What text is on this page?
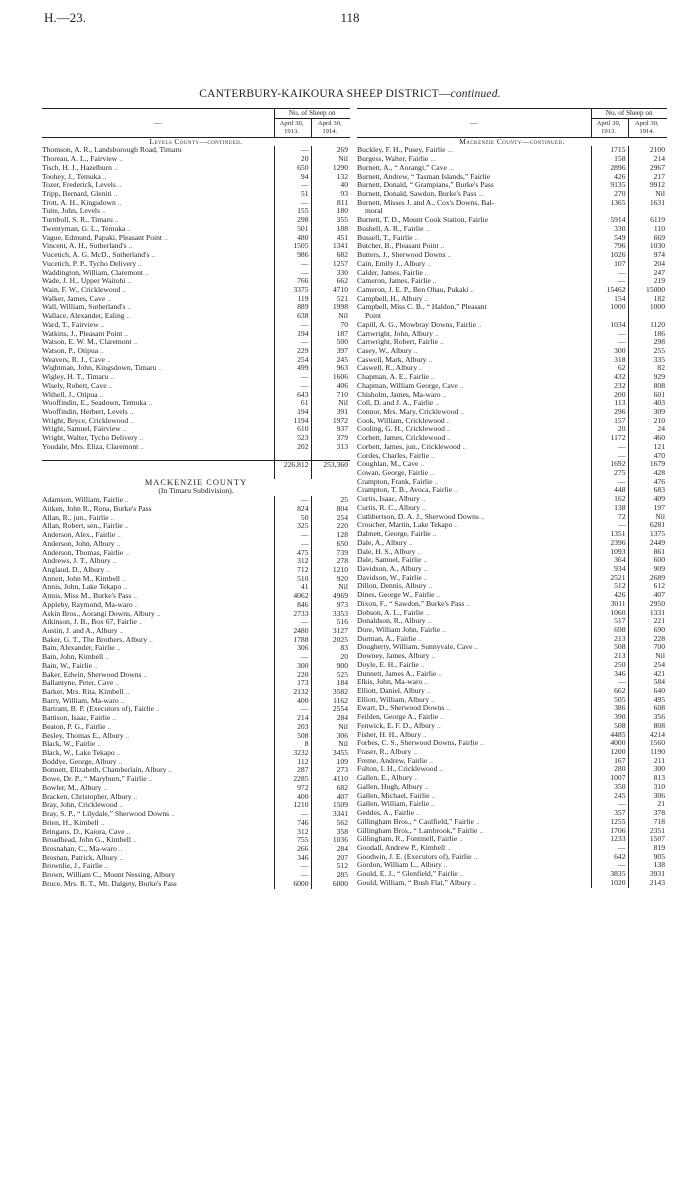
H.—23.	118
CANTERBURY-KAIKOURA SHEEP DISTRICT—continued.
—	No. of Sheep on	
	April 30, 1913.	April 30, 1914.
Levels County—continued.		
Thomson, A. R., Landsborough Road, Timaru	—	269
Thoreau, A. L., Fairview ..	20	Nil
Tisch, H. J., Hazelburn ..	650	1290
Toohey, J., Temuka ..	94	132
Tozer, Frederick, Levels ..	—	40
Tripp, Bernard, Gleniti ..	51	93
Trott, A. H., Kingsdown ..	—	811
Tuite, John, Levels ..	155	180
Turnbull, S. R., Timaru ..	298	355
Twentyman, G. L., Temuka ..	501	188
Vague, Edmund, Papaki, Pleasant Point ..	480	451
Vincent, A. H., Sutherland's ..	1505	1341
Vucetich, A. G. McD., Sutherland's ..	986	682
Vucetich, P. P., Tycho Delivery ..	—	1257
Waddington, William, Claremont ..	—	330
Wade, J. H., Upper Waitohi ..	766	662
Wain, F. W., Cricklewood ..	3375	4710
Walker, James, Cave ..	119	521
Wall, William, Sutherland's ..	889	1998
Wallace, Alexander, Ealing ..	638	Nil
Ward, T., Fairview ..	—	70
Watkins, J., Pleasant Point ..	194	187
Watson, E. W. M., Claremont ..	—	500
Watson, P., Otipua ..	229	397
Weavers, R. J., Cave ..	254	245
Wightman, John, Kingsdown, Timaru ..	499	963
Wigley, H. T., Timaru ..	—	1606
Wisely, Robert, Cave ..	—	406
Withell, J., Otipua ..	643	710
Wooffindin, E., Seadown, Temuka ..	61	Nil
Wooffindin, Herbert, Levels ..	194	391
Wright, Bryce, Cricklewood ..	1194	1972
Wright, Samuel, Fairview ..	610	937
Wright, Walter, Tycho Delivery ..	523	379
Youdale, Mrs. Eliza, Claremont ..	202	313

	226,812	253,360

MACKENZIE COUNTY		
(In Timaru Subdivision).		
Adamson, William, Fairlie ..	—	25
Aitken, John R., Rona, Burke's Pass	824	804
Allan, R., jun., Fairlie ..	50	254
Allan, Robert, sen., Fairlie ..	325	220
Anderson, Alex., Fairlie ..	—	128
Anderson, John, Albury ..	—	650
Anderson, Thomas, Fairlie ..	475	739
Andrews, J. T., Albury ..	312	278
Anglaud, D., Albury ..	712	1210
Annett, John M., Kimbell ..	510	920
Annis, John, Lake Tekapo ..	41	Nil
Annis, Miss M., Burke's Pass ..	4062	4969
Appleby, Raymond, Ma-waro ..	846	973
Askin Bros., Aorangi Downs, Albury ..	2733	3353
Atkinson, J. B., Box 67, Fairlie ..	—	516
Austin, J. and A., Albury ..	2480	3127
Baker, G. T., The Brothers, Albury ..	1788	2025
Bain, Alexander, Fairlie ..	306	83
Bain, John, Kimbell ..	—	20
Bain, W., Fairlie ..	300	900
Baker, Edwin, Sherwood Downs ..	220	525
Ballantyne, Peter, Cave ..	173	184
Barker, Mrs. Rita, Kimbell ..	2132	3582
Barry, William, Ma-waro ..	400	1162
Bartram, B. P. (Executors of), Fairlie ..	—	2554
Battison, Isaac, Fairlie ..	214	284
Beaton, P. G., Fairlie ..	203	Nil
Besley, Thomas E., Albury ..	508	306
Black, W., Fairlie ..	8	Nil
Black, W., Lake Tekapo ..	3232	3455
Boddye, George, Albury ..	112	109
Bonnett, Elizabeth, Chamberlain, Albury ..	287	273
Bowe, Dr. P., “ Maryburn,” Fairlie ..	2285	4110
Bowler, M., Albury ..	972	682
Bracken, Christopher, Albury ..	400	407
Bray, John, Cricklewood ..	1210	1509
Bray, S. P., “ Lilydale,” Sherwood Downs ..	—	3341
Brien, H., Kimbell ..	746	562
Bringans, D., Kaiora, Cave ..	312	358
Broadhead, John G., Kimbell ..	755	1036
Brosnahan, C., Ma-waro ..	266	284
Brosnan, Patrick, Albury ..	346	207
Brownlie, J., Fairlie ..	—	512
Brown, William C., Mount Nessing, Albury	—	285
Bruce, Mrs. R. T., Mt. Dalgety, Burke's Pass	6000	6000
—	No. of Sheep on	
	April 30, 1913.	April 30, 1914.
Mackenzie County—continued.		
Buckley, F. H., Pusey, Fairlie ...	1715	2100
Burgess, Walter, Fairlie ...	158	214
Burnett, A., “ Aorangi,” Cave ...	2896	2967
Burnett, Andrew, “ Tasman Islands,” Fairlie	426	217
Burnett, Donald, “ Grampians,” Burke's Pass	9135	9912
Burnett, Donald, Sawdon, Burke's Pass ...	270	Nil
Burnett, Misses J. and A., Cox's Downs, Bal-	1365	1631
moral		
Burnett, T. D., Mount Cook Station, Fairlie	5914	6119
Bushell, A. R., Fairlie ..	330	110
Bussell, T., Fairlie ..	549	669
Butcher, B., Pleasant Point ..	796	1030
Butters, J., Sherwood Downs ..	1026	974
Cain, Emily J., Albury ..	107	204
Calder, James, Fairlie ..	—	247
Cameron, James, Fairlie ..	—	219
Cameron, J. E. P., Ben Ohau, Pukaki ..	15462	15000
Campbell, H., Albury ..	154	182
Campbell, Miss C. B., “ Haldon,” Pleasant	1000	1000
Point		
Capill, A. G., Mowbray Downs, Fairlie ..	1034	1120
Cartwright, John, Albury ..	—	186
Cartwright, Robert, Fairlie ..	—	298
Casey, W., Albury ..	300	255
Caswell, Mark, Albury ..	318	335
Caswell, R., Albury ..	62	82
Chapman, A. E., Fairlie ..	432	929
Chapman, William George, Cave ..	232	808
Chisholm, James, Ma-waro ..	200	601
Coll, D. and J. A., Fairlie ..	113	403
Connor, Mrs. Mary, Cricklewood ..	296	309
Cook, William, Cricklewood ..	157	210
Cooling, G. H., Cricklewood ..	20	24
Corbett, James, Cricklewood ..	1172	460
Corbett, James, jun., Cricklewood ..	—	121
Cordes, Charles, Fairlie ..	—	470
Coughlan, M., Cave ..	1692	1679
Cowan, George, Fairlie ..	275	428
Crampton, Frank, Fairlie ..	—	476
Crampton, T. B., Avoca, Fairlie ..	448	683
Curtis, Isaac, Albury ..	162	409
Curtis, R. C., Albury ..	138	197
Cuthbertson, D. A. J., Sherwood Downs ..	72	Nil
Croucher, Martin, Lake Tekapo ..	—	6281
Dabnett, George, Fairlie ..	1351	1375
Dale, A., Albury ..	2396	2449
Dale, H. S., Albury ..	1093	861
Dale, Samuel, Fairlie ..	364	600
Davidson, A., Albury ..	934	909
Davidson, W., Fairlie ..	2521	2689
Dillon, Dennis, Albury ..	512	612
Dines, George W., Fairlie ..	426	407
Dixon, F., “ Sawdon,” Burke's Pass ..	3011	2950
Dobson, A. L., Fairlie ..	1060	1331
Donaldson, R., Albury ..	517	221
Dore, William John, Fairlie ..	698	690
Dorman, A., Fairlie ..	213	228
Dougherty, William, Sunnyvale, Cave ..	508	700
Downey, James, Albury ..	213	Nil
Doyle, E. H., Fairlie ..	250	254
Dunnett, James A., Fairlie ..	346	421
Elkis, John, Ma-waro ..	—	584
Elliott, Daniel, Albury ..	662	640
Elliott, William, Albury ..	505	495
Ewart, D., Sherwood Downs ..	386	608
Feilden, George A., Fairlie ..	390	356
Fenwick, E. F. D., Albury ..	508	808
Fisher, H. H., Albury ..	4485	4214
Forbes, C. S., Sherwood Downs, Fairlie ..	4000	1560
Fraser, R., Albury ..	1200	1190
Freme, Andrew, Fairlie ..	167	211
Fulton, I. H., Cricklewood ..	280	300
Gallen, E., Albury ..	1007	813
Gallen, Hugh, Albury ..	350	310
Gallen, Michael, Fairlie ..	245	306
Gallen, William, Fairlie ..	—	21
Geddes, A., Fairlie ..	357	378
Gillingham Bros., “ Caulfield,” Fairlie ..	1255	718
Gillingham Bros., “ Lambrook,” Fairlie ..	1706	2351
Gillingham, R., Fontmell, Fairlie ..	1233	1507
Goodall, Andrew P., Kimbell ..	—	819
Goodwin, J. E. (Executors of), Fairlie ..	642	905
Gordon, William L., Albury ..	—	138
Gould, E. J., “ Glenfield,” Fairlie ..	3835	3931
Gould, William, “ Bush Flat,” Albury ..	1020	2143
